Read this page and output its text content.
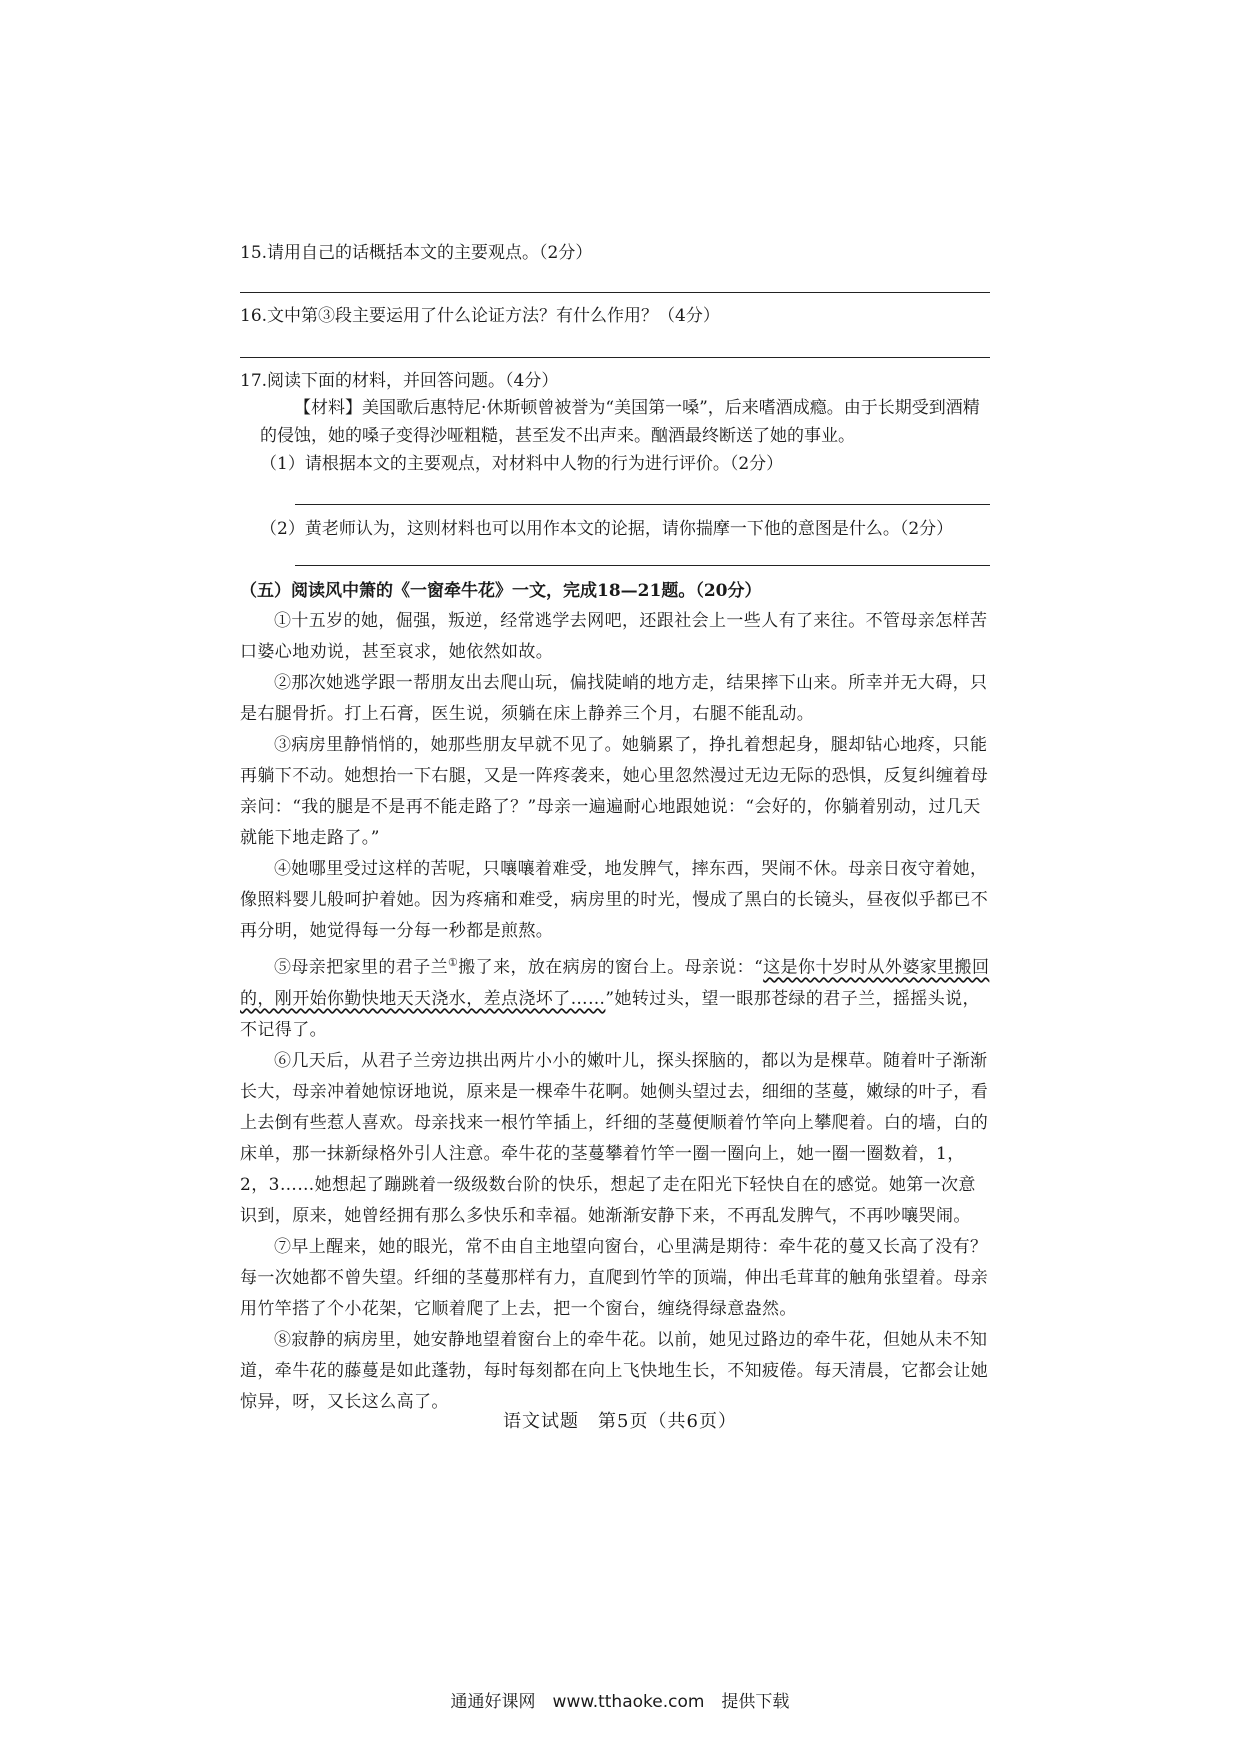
15.请用自己的话概括本文的主要观点。（2分）

16.文中第③段主要运用了什么论证方法？有什么作用？（4分）

17.阅读下面的材料，并回答问题。（4分）

【材料】美国歌后惠特尼·休斯顿曾被誉为“美国第一嗓”，后来嗜酒成瘾。由于长期受到酒精的侵蚀，她的嗓子变得沙哑粗糙，甚至发不出声来。酗酒最终断送了她的事业。

（1）请根据本文的主要观点，对材料中人物的行为进行评价。（2分）

（2）黄老师认为，这则材料也可以用作本文的论据，请你揣摩一下他的意图是什么。（2分）

（五）阅读风中箫的《一窗牵牛花》一文，完成18—21题。（20分）

①十五岁的她，倔强，叛逆，经常逃学去网吧，还跟社会上一些人有了来往。不管母亲怎样苦口婆心地劝说，甚至哀求，她依然如故。

②那次她逃学跟一帮朋友出去爬山玩，偏找陡峭的地方走，结果摔下山来。所幸并无大碍，只是右腿骨折。打上石膏，医生说，须躺在床上静养三个月，右腿不能乱动。

③病房里静悄悄的，她那些朋友早就不见了。她躺累了，挣扎着想起身，腿却钻心地疼，只能再躺下不动。她想抬一下右腿，又是一阵疼袭来，她心里忽然漫过无边无际的恐惧，反复纠缠着母亲问：“我的腿是不是再不能走路了？”母亲一遍遍耐心地跟她说：“会好的，你躺着别动，过几天就能下地走路了。”

④她哪里受过这样的苦呢，只嚷嚷着难受，地发脾气，摔东西，哭闹不休。母亲日夜守着她，像照料婴儿般呵护着她。因为疼痛和难受，病房里的时光，慢成了黑白的长镜头，昼夜似乎都已不再分明，她觉得每一分每一秒都是煎熬。

⑤母亲把家里的君子兰①搬了来，放在病房的窗台上。母亲说：“这是你十岁时从外婆家里搬回的，刚开始你勤快地天天浇水，差点浇坏了……”她转过头，望一眼那苍绿的君子兰，摇摇头说，不记得了。

⑥几天后，从君子兰旁边拱出两片小小的嫩叶儿，探头探脑的，都以为是棵草。随着叶子渐渐长大，母亲冲着她惊讶地说，原来是一棵牵牛花啊。她侧头望过去，细细的茎蔓，嫩绿的叶子，看上去倒有些惹人喜欢。母亲找来一根竹竿插上，纤细的茎蔓便顺着竹竿向上攀爬着。白的墙，白的床单，那一抹新绿格外引人注意。牵牛花的茎蔓攀着竹竿一圈一圈向上，她一圈一圈数着，1，2，3……她想起了蹦跳着一级级数台阶的快乐，想起了走在阳光下轻快自在的感觉。她第一次意识到，原来，她曾经拥有那么多快乐和幸福。她渐渐安静下来，不再乱发脾气，不再吵嚷哭闹。

⑦早上醒来，她的眼光，常不由自主地望向窗台，心里满是期待：牵牛花的蔓又长高了没有？每一次她都不曾失望。纤细的茎蔓那样有力，直爬到竹竿的顶端，伸出毛茸茸的触角张望着。母亲用竹竿搭了个小花架，它顺着爬了上去，把一个窗台，缠绕得绿意盎然。

⑧寂静的病房里，她安静地望着窗台上的牵牛花。以前，她见过路边的牵牛花，但她从未不知道，牵牛花的藤蔓是如此蓬勃，每时每刻都在向上飞快地生长，不知疲倦。每天清晨，它都会让她惊异，呀，又长这么高了。

语文试题　第5页（共6页）
通通好课网　www.tthaoke.com　提供下载
